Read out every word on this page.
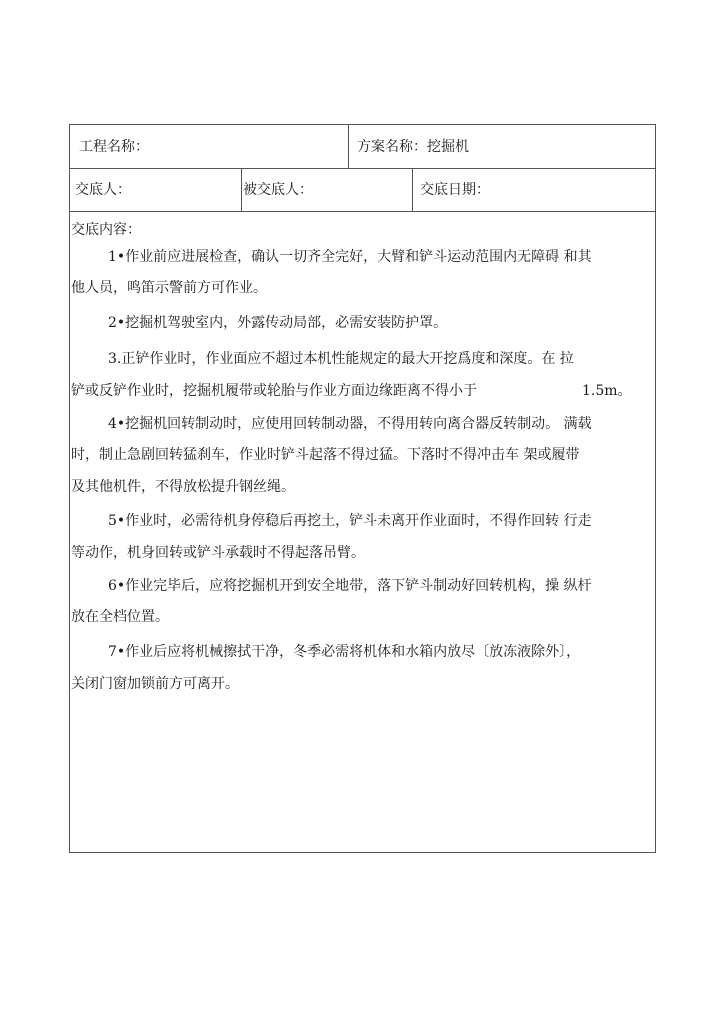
工程名称：	方案名称： 挖掘机
交底人：	被交底人：	交底日期：
交底内容：
1•作业前应进展检查，确认一切齐全完好，大臂和铲斗运动范围内无障碍 和其
他人员，鸣笛示警前方可作业。
2•挖掘机驾驶室内，外露传动局部，必需安装防护罩。
3.正铲作业时，作业面应不超过本机性能规定的最大开挖爲度和深度。在 拉
铲或反铲作业时，挖掘机履带或轮胎与作业方面边缘距离不得小于	1.5m。
4•挖掘机回转制动时，应使用回转制动器，不得用转向离合器反转制动。 满载
时，制止急剧回转猛刹车，作业时铲斗起落不得过猛。下落时不得冲击车 架或履带
及其他机件，不得放松提升钢丝绳。
5•作业时，必需待机身停稳后再挖土，铲斗未离开作业面时，不得作回转 行走
等动作，机身回转或铲斗承载时不得起落吊臂。
6•作业完毕后，应将挖掘机开到安全地带，落下铲斗制动好回转机构，操 纵杆
放在全档位置。
7•作业后应将机械擦拭干净，冬季必需将机体和水箱内放尽〔放冻液除外〕，
关闭门窗加锁前方可离开。
